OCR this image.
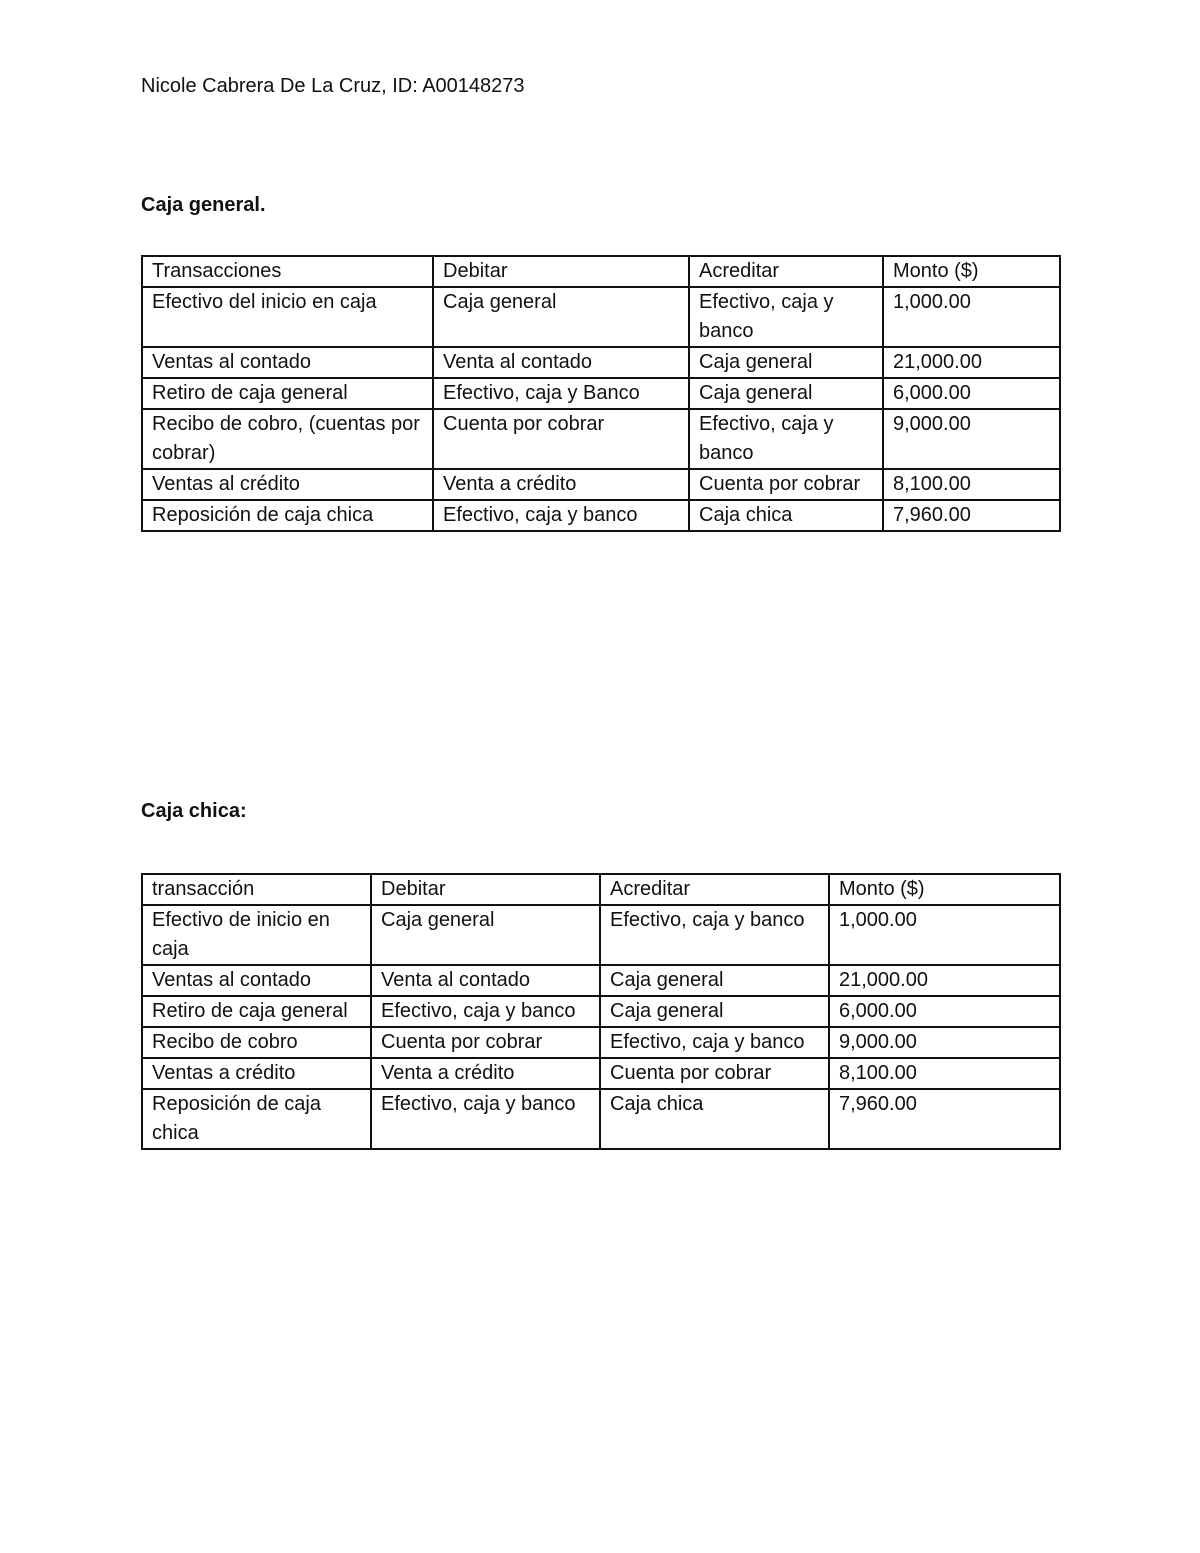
Nicole Cabrera De La Cruz, ID: A00148273
Caja general.
Transacciones	Debitar	Acreditar	Monto ($)
Efectivo del inicio en caja	Caja general	Efectivo, caja y banco	1,000.00
Ventas al contado	Venta al contado	Caja general	21,000.00
Retiro de caja general	Efectivo, caja y Banco	Caja general	6,000.00
Recibo de cobro, (cuentas por cobrar)	Cuenta por cobrar	Efectivo, caja y banco	9,000.00
Ventas al crédito	Venta a crédito	Cuenta por cobrar	8,100.00
Reposición de caja chica	Efectivo, caja y banco	Caja chica	7,960.00
Caja chica:
transacción	Debitar	Acreditar	Monto ($)
Efectivo de inicio en caja	Caja general	Efectivo, caja y banco	1,000.00
Ventas al contado	Venta al contado	Caja general	21,000.00
Retiro de caja general	Efectivo, caja y banco	Caja general	6,000.00
Recibo de cobro	Cuenta por cobrar	Efectivo, caja y banco	9,000.00
Ventas a crédito	Venta a crédito	Cuenta por cobrar	8,100.00
Reposición de caja chica	Efectivo, caja y banco	Caja chica	7,960.00
